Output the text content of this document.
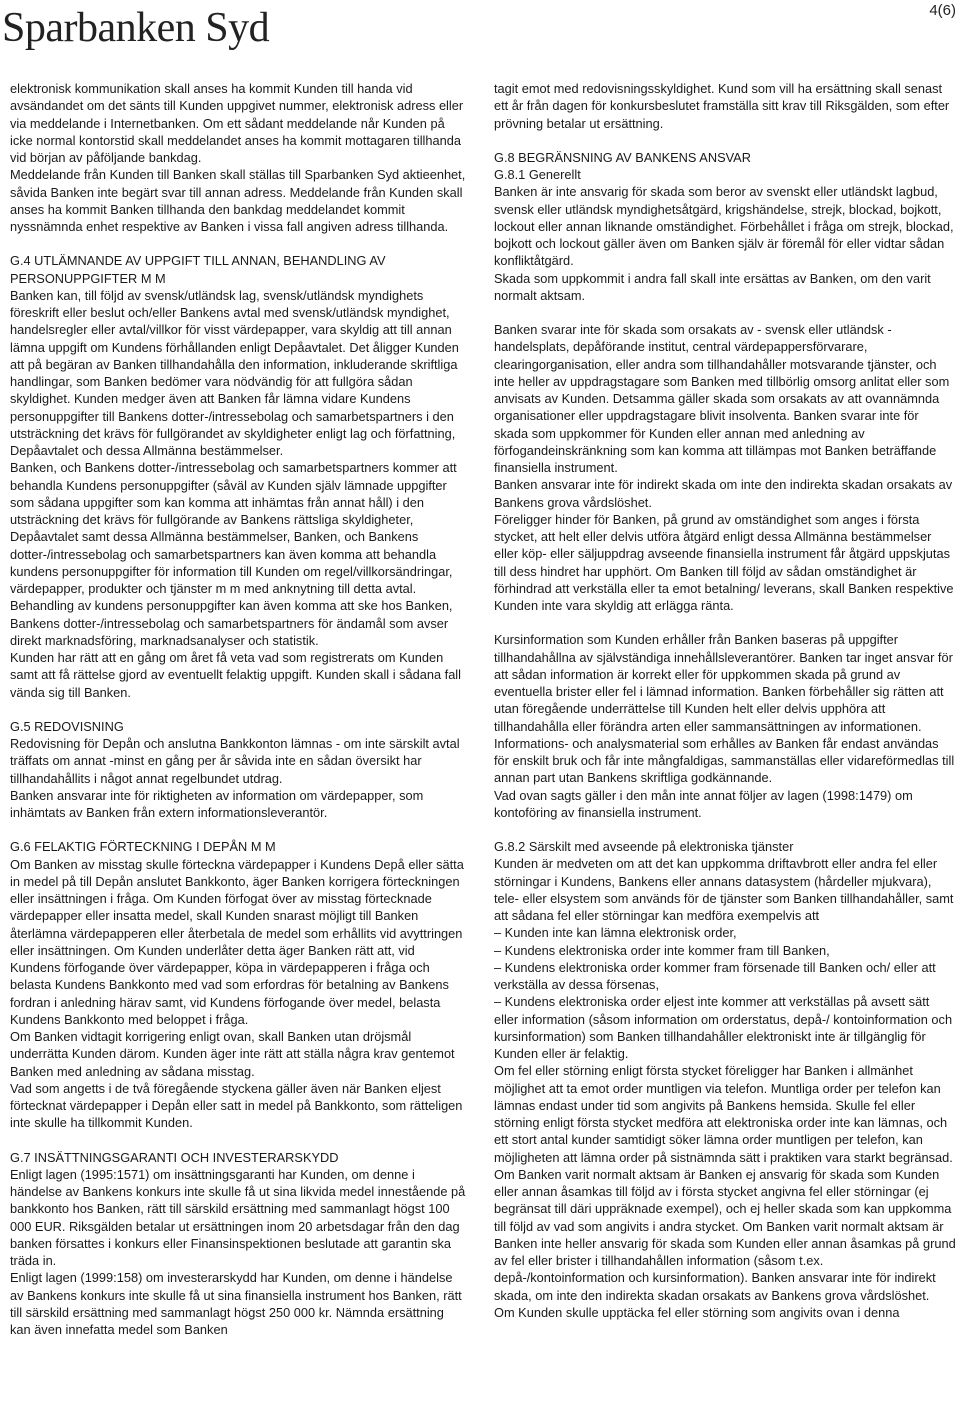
Sparbanken Syd	4(6)

elektronisk kommunikation skall anses ha kommit Kunden till handa vid avsändandet om det sänts till Kunden uppgivet nummer, elektronisk adress eller via meddelande i Internetbanken. Om ett sådant meddelande når Kunden på icke normal kontorstid skall meddelandet anses ha kommit mottagaren tillhanda vid början av påföljande bankdag.

Meddelande från Kunden till Banken skall ställas till Sparbanken Syd aktieenhet, såvida Banken inte begärt svar till annan adress. Meddelande från Kunden skall anses ha kommit Banken tillhanda den bankdag meddelandet kommit nyssnämnda enhet respektive av Banken i vissa fall angiven adress tillhanda.

G.4 UTLÄMNANDE AV UPPGIFT TILL ANNAN, BEHANDLING AV PERSONUPPGIFTER M M

Banken kan, till följd av svensk/utländsk lag, svensk/utländsk myndighets föreskrift eller beslut och/eller Bankens avtal med svensk/utländsk myndighet, handelsregler eller avtal/villkor för visst värdepapper, vara skyldig att till annan lämna uppgift om Kundens förhållanden enligt Depåavtalet. Det åligger Kunden att på begäran av Banken tillhandahålla den information, inkluderande skriftliga handlingar, som Banken bedömer vara nödvändig för att fullgöra sådan skyldighet. Kunden medger även att Banken får lämna vidare Kundens personuppgifter till Bankens dotter-/intressebolag och samarbetspartners i den utsträckning det krävs för fullgörandet av skyldigheter enligt lag och författning, Depåavtalet och dessa Allmänna bestämmelser.

Banken, och Bankens dotter-/intressebolag och samarbetspartners kommer att behandla Kundens personuppgifter (såväl av Kunden själv lämnade uppgifter som sådana uppgifter som kan komma att inhämtas från annat håll) i den utsträckning det krävs för fullgörande av Bankens rättsliga skyldigheter, Depåavtalet samt dessa Allmänna bestämmelser, Banken, och Bankens dotter-/intressebolag och samarbetspartners kan även komma att behandla kundens personuppgifter för information till Kunden om regel/villkorsändringar, värdepapper, produkter och tjänster m m med anknytning till detta avtal. Behandling av kundens personuppgifter kan även komma att ske hos Banken, Bankens dotter-/intressebolag och samarbetspartners för ändamål som avser direkt marknadsföring, marknadsanalyser och statistik.

Kunden har rätt att en gång om året få veta vad som registrerats om Kunden samt att få rättelse gjord av eventuellt felaktig uppgift. Kunden skall i sådana fall vända sig till Banken.

G.5 REDOVISNING

Redovisning för Depån och anslutna Bankkonton lämnas - om inte särskilt avtal träffats om annat -minst en gång per år såvida inte en sådan översikt har tillhandahållits i något annat regelbundet utdrag.

Banken ansvarar inte för riktigheten av information om värdepapper, som inhämtats av Banken från extern informationsleverantör.

G.6 FELAKTIG FÖRTECKNING I DEPÅN M M

Om Banken av misstag skulle förteckna värdepapper i Kundens Depå eller sätta in medel på till Depån anslutet Bankkonto, äger Banken korrigera förteckningen eller insättningen i fråga. Om Kunden förfogat över av misstag förtecknade värdepapper eller insatta medel, skall Kunden snarast möjligt till Banken återlämna värdepapperen eller återbetala de medel som erhållits vid avyttringen eller insättningen. Om Kunden underlåter detta äger Banken rätt att, vid Kundens förfogande över värdepapper, köpa in värdepapperen i fråga och belasta Kundens Bankkonto med vad som erfordras för betalning av Bankens fordran i anledning härav samt, vid Kundens förfogande över medel, belasta Kundens Bankkonto med beloppet i fråga.

Om Banken vidtagit korrigering enligt ovan, skall Banken utan dröjsmål underrätta Kunden därom. Kunden äger inte rätt att ställa några krav gentemot Banken med anledning av sådana misstag.

Vad som angetts i de två föregående styckena gäller även när Banken eljest förtecknat värdepapper i Depån eller satt in medel på Bankkonto, som rätteligen inte skulle ha tillkommit Kunden.

G.7 INSÄTTNINGSGARANTI OCH INVESTERARSKYDD

Enligt lagen (1995:1571) om insättningsgaranti har Kunden, om denne i händelse av Bankens konkurs inte skulle få ut sina likvida medel innestående på bankkonto hos Banken, rätt till särskild ersättning med sammanlagt högst 100 000 EUR. Riksgälden betalar ut ersättningen inom 20 arbetsdagar från den dag banken försattes i konkurs eller Finansinspektionen beslutade att garantin ska träda in.

Enligt lagen (1999:158) om investerarskydd har Kunden, om denne i händelse av Bankens konkurs inte skulle få ut sina finansiella instrument hos Banken, rätt till särskild ersättning med sammanlagt högst 250 000 kr. Nämnda ersättning kan även innefatta medel som Banken

tagit emot med redovisningsskyldighet. Kund som vill ha ersättning skall senast ett år från dagen för konkursbeslutet framställa sitt krav till Riksgälden, som efter prövning betalar ut ersättning.

G.8 BEGRÄNSNING AV BANKENS ANSVAR

G.8.1 Generellt

Banken är inte ansvarig för skada som beror av svenskt eller utländskt lagbud, svensk eller utländsk myndighetsåtgärd, krigshändelse, strejk, blockad, bojkott, lockout eller annan liknande omständighet. Förbehållet i fråga om strejk, blockad, bojkott och lockout gäller även om Banken själv är föremål för eller vidtar sådan konfliktåtgärd.

Skada som uppkommit i andra fall skall inte ersättas av Banken, om den varit normalt aktsam.

Banken svarar inte för skada som orsakats av - svensk eller utländsk - handelsplats, depåförande institut, central värdepappersförvarare, clearingorganisation, eller andra som tillhandahåller motsvarande tjänster, och inte heller av uppdragstagare som Banken med tillbörlig omsorg anlitat eller som anvisats av Kunden. Detsamma gäller skada som orsakats av att ovannämnda organisationer eller uppdragstagare blivit insolventa. Banken svarar inte för skada som uppkommer för Kunden eller annan med anledning av förfogandeinskränkning som kan komma att tillämpas mot Banken beträffande finansiella instrument.

Banken ansvarar inte för indirekt skada om inte den indirekta skadan orsakats av Bankens grova vårdslöshet.

Föreligger hinder för Banken, på grund av omständighet som anges i första stycket, att helt eller delvis utföra åtgärd enligt dessa Allmänna bestämmelser eller köp- eller säljuppdrag avseende finansiella instrument får åtgärd uppskjutas till dess hindret har upphört. Om Banken till följd av sådan omständighet är förhindrad att verkställa eller ta emot betalning/ leverans, skall Banken respektive Kunden inte vara skyldig att erlägga ränta.

Kursinformation som Kunden erhåller från Banken baseras på uppgifter tillhandahållna av självständiga innehållsleverantörer. Banken tar inget ansvar för att sådan information är korrekt eller för uppkommen skada på grund av eventuella brister eller fel i lämnad information. Banken förbehåller sig rätten att utan föregående underrättelse till Kunden helt eller delvis upphöra att tillhandahålla eller förändra arten eller sammansättningen av informationen. Informations- och analysmaterial som erhålles av Banken får endast användas för enskilt bruk och får inte mångfaldigas, sammanställas eller vidareförmedlas till annan part utan Bankens skriftliga godkännande.

Vad ovan sagts gäller i den mån inte annat följer av lagen (1998:1479) om kontoföring av finansiella instrument.

G.8.2 Särskilt med avseende på elektroniska tjänster

Kunden är medveten om att det kan uppkomma driftavbrott eller andra fel eller störningar i Kundens, Bankens eller annans datasystem (hårdeller mjukvara), tele- eller elsystem som används för de tjänster som Banken tillhandahåller, samt att sådana fel eller störningar kan medföra exempelvis att

– Kunden inte kan lämna elektronisk order,

– Kundens elektroniska order inte kommer fram till Banken,

– Kundens elektroniska order kommer fram försenade till Banken och/ eller att verkställa av dessa försenas,

– Kundens elektroniska order eljest inte kommer att verkställas på avsett sätt eller information (såsom information om orderstatus, depå-/ kontoinformation och kursinformation) som Banken tillhandahåller elektroniskt inte är tillgänglig för Kunden eller är felaktig.

Om fel eller störning enligt första stycket föreligger har Banken i allmänhet möjlighet att ta emot order muntligen via telefon. Muntliga order per telefon kan lämnas endast under tid som angivits på Bankens hemsida. Skulle fel eller störning enligt första stycket medföra att elektroniska order inte kan lämnas, och ett stort antal kunder samtidigt söker lämna order muntligen per telefon, kan möjligheten att lämna order på sistnämnda sätt i praktiken vara starkt begränsad.

Om Banken varit normalt aktsam är Banken ej ansvarig för skada som Kunden eller annan åsamkas till följd av i första stycket angivna fel eller störningar (ej begränsat till däri uppräknade exempel), och ej heller skada som kan uppkomma till följd av vad som angivits i andra stycket. Om Banken varit normalt aktsam är Banken inte heller ansvarig för skada som Kunden eller annan åsamkas på grund av fel eller brister i tillhandahållen information (såsom t.ex. depå-/kontoinformation och kursinformation). Banken ansvarar inte för indirekt skada, om inte den indirekta skadan orsakats av Bankens grova vårdslöshet.

Om Kunden skulle upptäcka fel eller störning som angivits ovan i denna
